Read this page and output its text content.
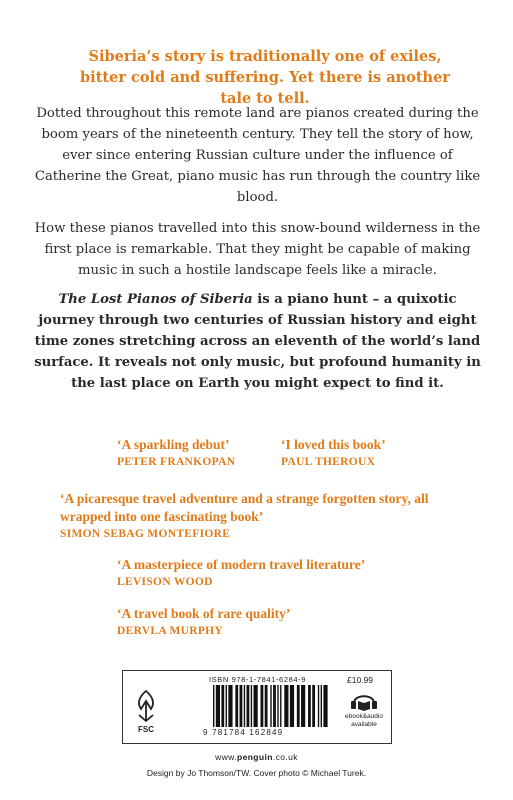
Siberia’s story is traditionally one of exiles, bitter cold and suffering. Yet there is another tale to tell.

Dotted throughout this remote land are pianos created during the boom years of the nineteenth century. They tell the story of how, ever since entering Russian culture under the influence of Catherine the Great, piano music has run through the country like blood.

How these pianos travelled into this snow-bound wilderness in the first place is remarkable. That they might be capable of making music in such a hostile landscape feels like a miracle.

The Lost Pianos of Siberia is a piano hunt – a quixotic journey through two centuries of Russian history and eight time zones stretching across an eleventh of the world’s land surface. It reveals not only music, but profound humanity in the last place on Earth you might expect to find it.

‘A sparkling debut’
PETER FRANKOPAN
‘I loved this book’
PAUL THEROUX
‘A picaresque travel adventure and a strange forgotten story, all wrapped into one fascinating book’
SIMON SEBAG MONTEFIORE
‘A masterpiece of modern travel literature’
LEVISON WOOD
‘A travel book of rare quality’
DERVLA MURPHY
FSC
ISBN 978-1-7841-6284-9	£10.99
9 781784 162849
ebook&audio available
www.penguin.co.uk
Design by Jo Thomson/TW. Cover photo © Michael Turek.
